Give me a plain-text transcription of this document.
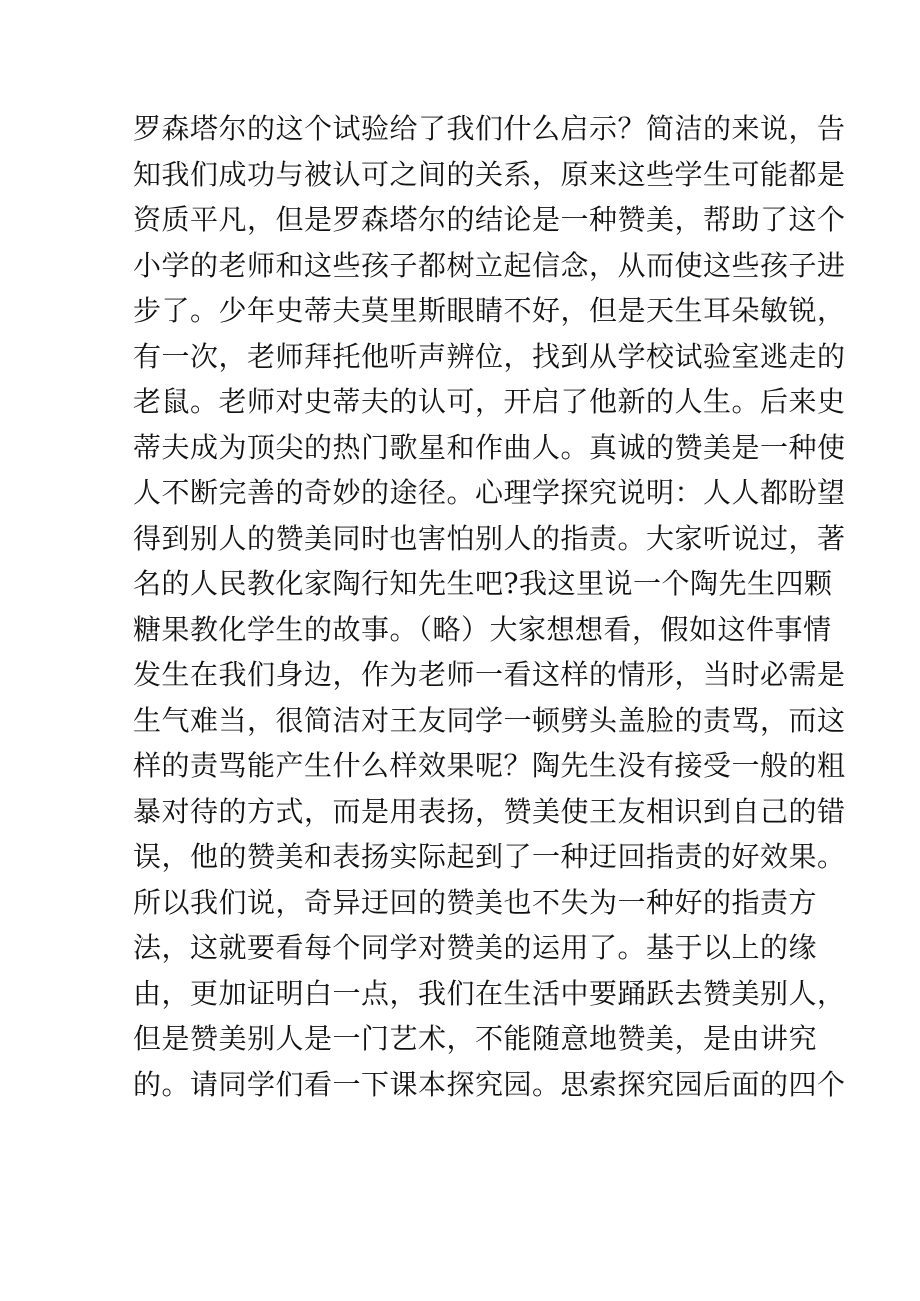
罗森塔尔的这个试验给了我们什么启示？简洁的来说，告
知我们成功与被认可之间的关系，原来这些学生可能都是
资质平凡，但是罗森塔尔的结论是一种赞美，帮助了这个
小学的老师和这些孩子都树立起信念，从而使这些孩子进
步了。少年史蒂夫莫里斯眼睛不好，但是天生耳朵敏锐，
有一次，老师拜托他听声辨位，找到从学校试验室逃走的
老鼠。老师对史蒂夫的认可，开启了他新的人生。后来史
蒂夫成为顶尖的热门歌星和作曲人。真诚的赞美是一种使
人不断完善的奇妙的途径。心理学探究说明：人人都盼望
得到别人的赞美同时也害怕别人的指责。大家听说过，著
名的人民教化家陶行知先生吧?我这里说一个陶先生四颗
糖果教化学生的故事。（略）大家想想看，假如这件事情
发生在我们身边，作为老师一看这样的情形，当时必需是
生气难当，很简洁对王友同学一顿劈头盖脸的责骂，而这
样的责骂能产生什么样效果呢？陶先生没有接受一般的粗
暴对待的方式，而是用表扬，赞美使王友相识到自己的错
误，他的赞美和表扬实际起到了一种迂回指责的好效果。
所以我们说，奇异迂回的赞美也不失为一种好的指责方
法，这就要看每个同学对赞美的运用了。基于以上的缘
由，更加证明白一点，我们在生活中要踊跃去赞美别人，
但是赞美别人是一门艺术，不能随意地赞美，是由讲究
的。请同学们看一下课本探究园。思索探究园后面的四个
